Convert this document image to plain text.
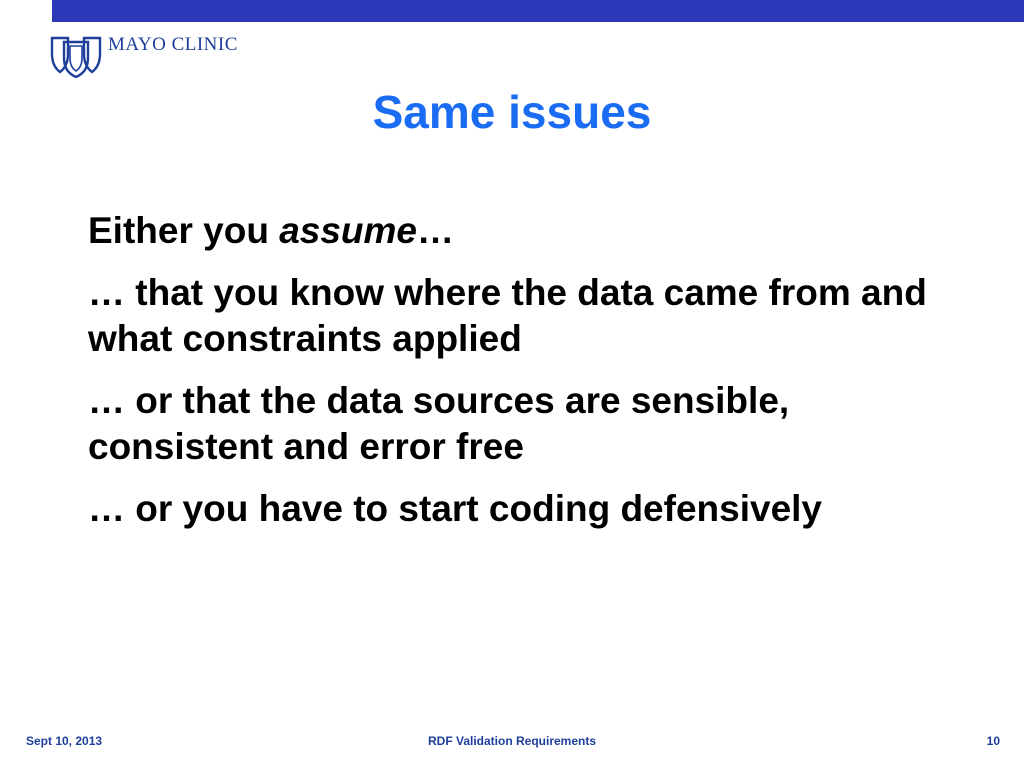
MAYO CLINIC
Same issues

Either you assume…

… that you know where the data came from and what constraints applied

… or that the data sources are sensible, consistent and error free

… or you have to start coding defensively

Sept 10, 2013	RDF Validation Requirements	10
